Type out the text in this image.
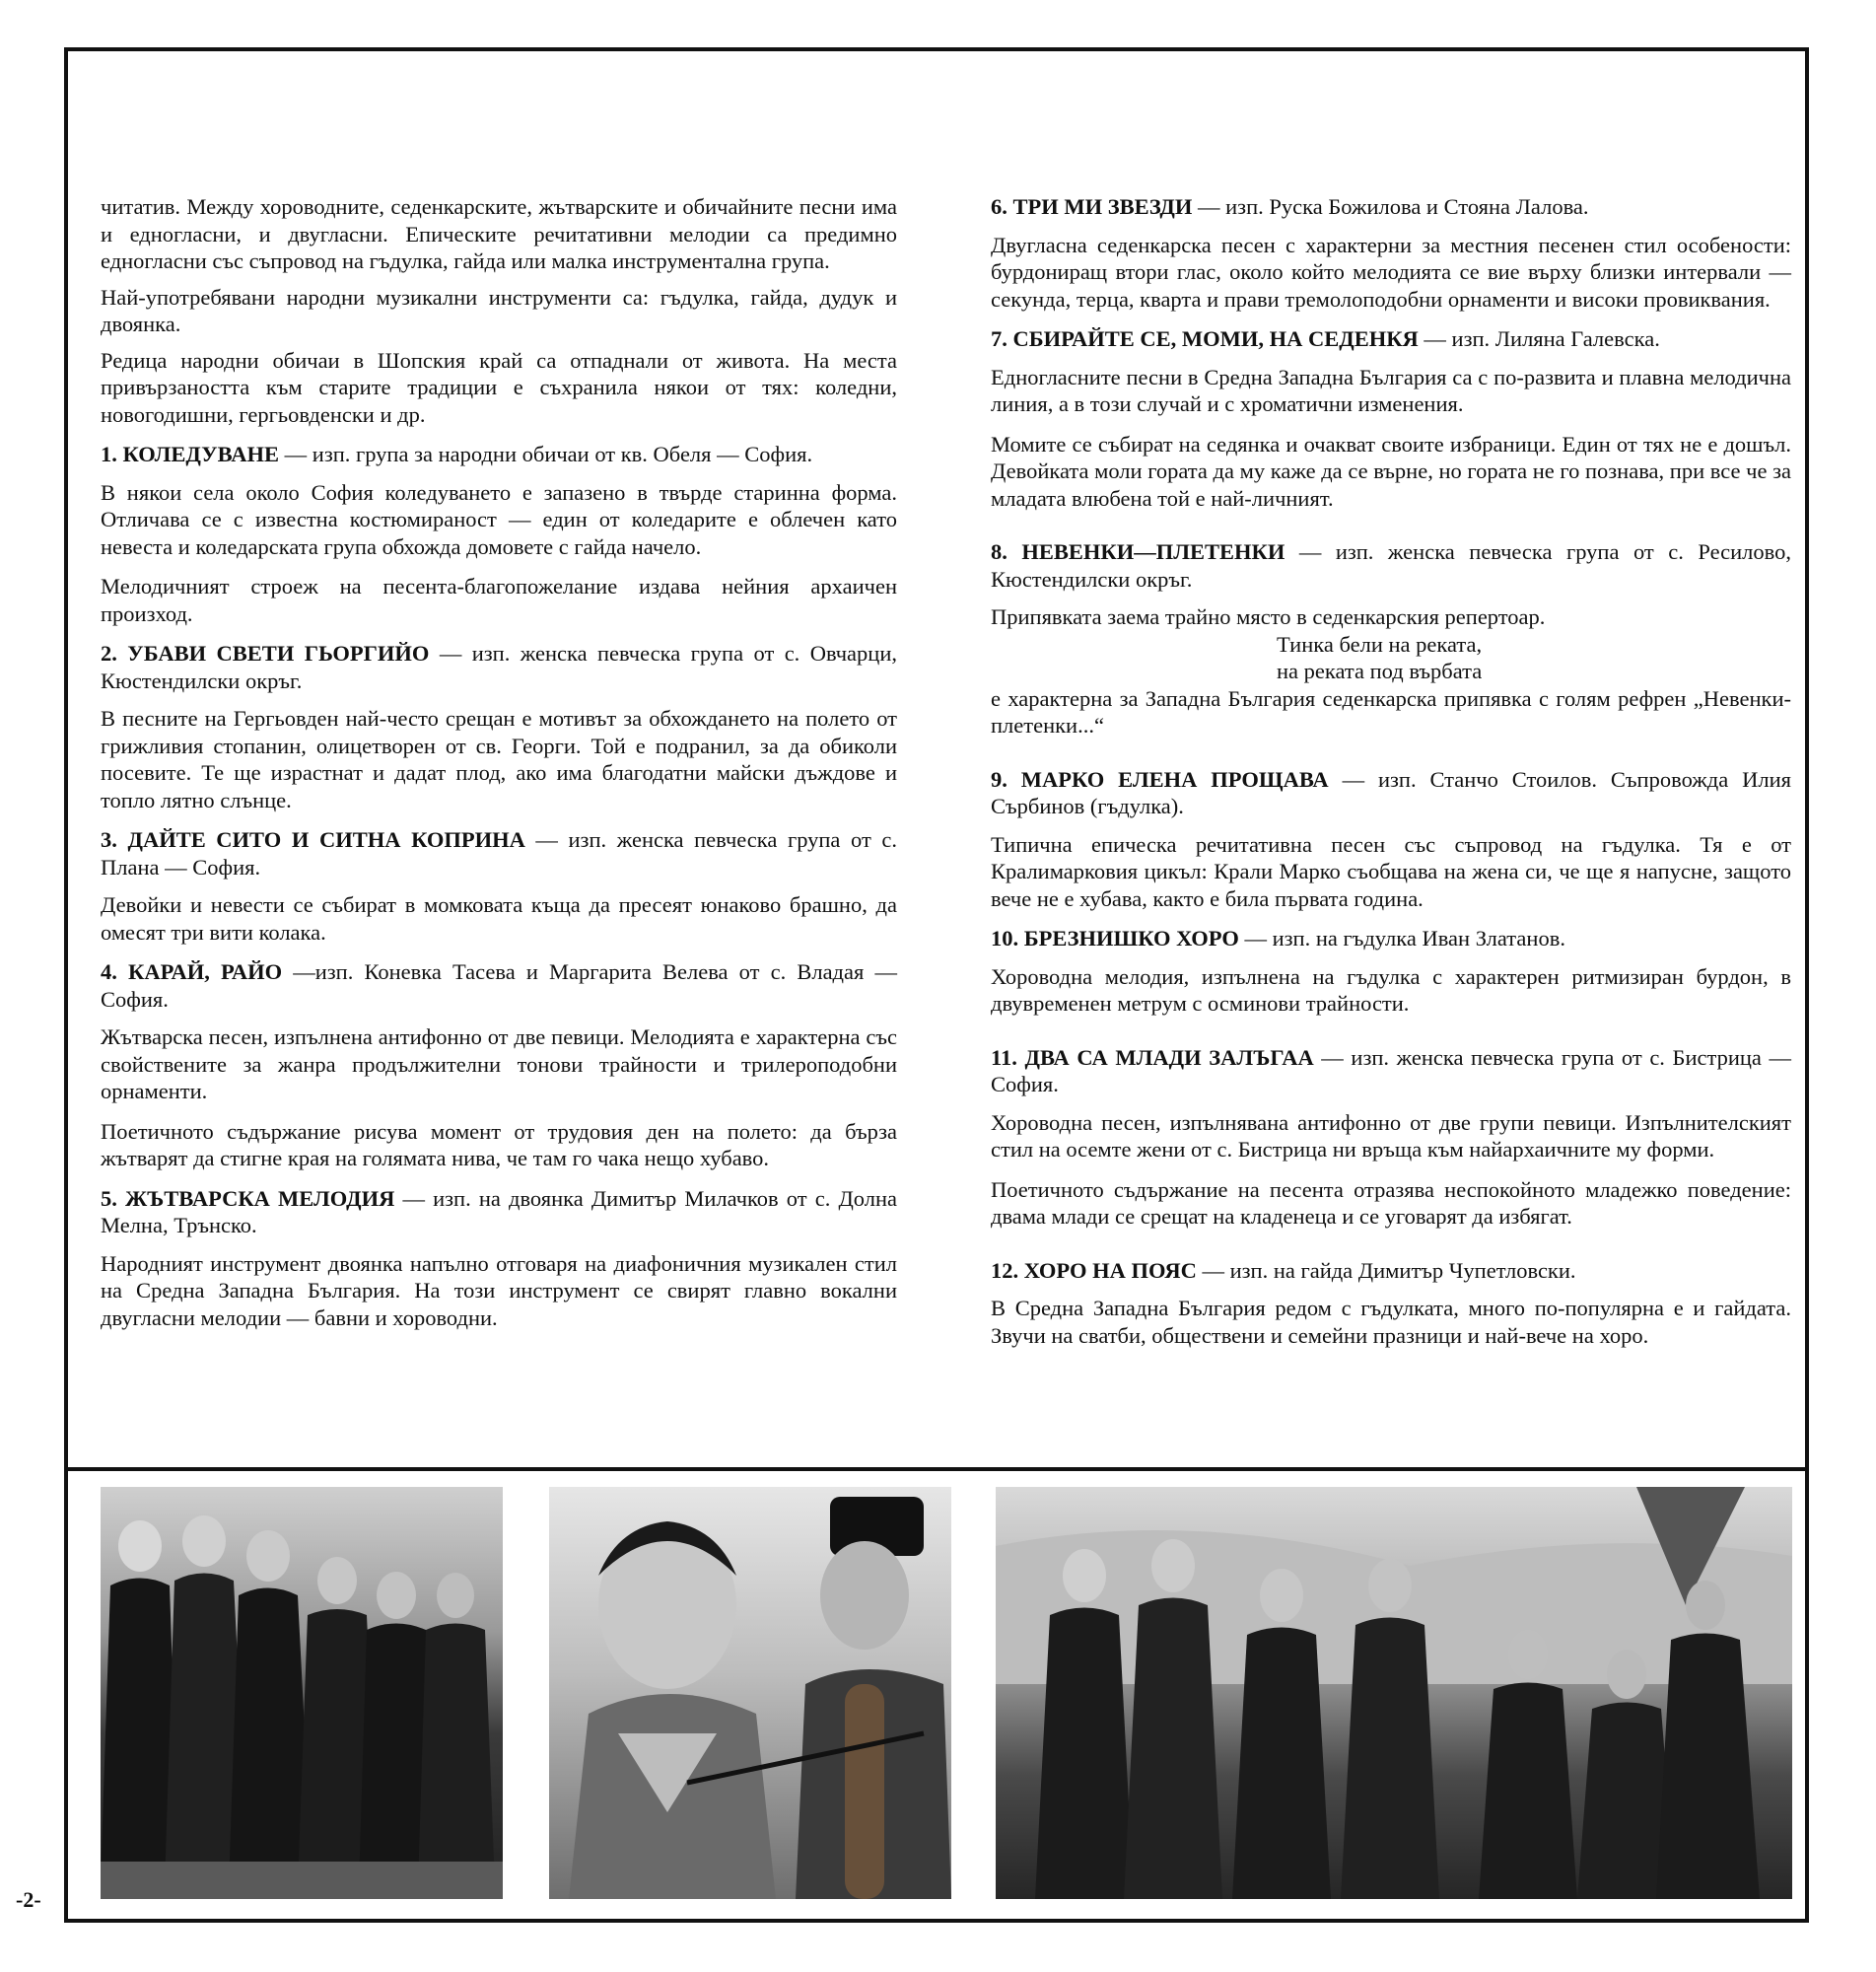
читатив. Между хороводните, седенкарските, жътварските и обичайните песни има и едногласни, и двугласни. Епическите речитативни мелодии са предимно едногласни със съпровод на гъдулка, гайда или малка инструментална група.

Най-употребявани народни музикални инструменти са: гъдулка, гайда, дудук и двоянка.

Редица народни обичаи в Шопския край са отпаднали от живота. На места привързаността към старите традиции е съхранила някои от тях: коледни, новогодишни, гергьовденски и др.

1. КОЛЕДУВАНЕ — изп. група за народни обичаи от кв. Обеля — София.

В някои села около София коледуването е запазено в твърде старинна форма. Отличава се с известна костюмираност — един от коледарите е облечен като невеста и коледарската група обхожда домовете с гайда начело.

Мелодичният строеж на песента-благопожелание издава нейния архаичен произход.

2. УБАВИ СВЕТИ ГЬОРГИЙО — изп. женска певческа група от с. Овчарци, Кюстендилски окръг.

В песните на Гергьовден най-често срещан е мотивът за обхождането на полето от грижливия стопанин, олицетворен от св. Георги. Той е подранил, за да обиколи посевите. Те ще израстнат и дадат плод, ако има благодатни майски дъждове и топло лятно слънце.

3. ДАЙТЕ СИТО И СИТНА КОПРИНА — изп. женска певческа група от с. Плана — София.

Девойки и невести се събират в момковата къща да пресеят юнаково брашно, да омесят три вити колака.

4. КАРАЙ, РАЙО —изп. Коневка Тасева и Маргарита Велева от с. Владая — София.

Жътварска песен, изпълнена антифонно от две певици. Мелодията е характерна със свойствените за жанра продължителни тонови трайности и трилероподобни орнаменти.

Поетичното съдържание рисува момент от трудовия ден на полето: да бърза жътварят да стигне края на голямата нива, че там го чака нещо хубаво.

5. ЖЪТВАРСКА МЕЛОДИЯ — изп. на двоянка Димитър Милачков от с. Долна Мелна, Трънско.

Народният инструмент двоянка напълно отговаря на диафоничния музикален стил на Средна Западна България. На този инструмент се свирят главно вокални двугласни мелодии — бавни и хороводни.

6. ТРИ МИ ЗВЕЗДИ — изп. Руска Божилова и Стояна Лалова.

Двугласна седенкарска песен с характерни за местния песенен стил особености: бурдониращ втори глас, около който мелодията се вие върху близки интервали — секунда, терца, кварта и прави тремолоподобни орнаменти и високи провиквания.

7. СБИРАЙТЕ СЕ, МОМИ, НА СЕДЕНКЯ — изп. Лиляна Галевска.

Едногласните песни в Средна Западна България са с по-развита и плавна мелодична линия, а в този случай и с хроматични изменения.

Момите се събират на седянка и очакват своите избраници. Един от тях не е дошъл. Девойката моли гората да му каже да се върне, но гората не го познава, при все че за младата влюбена той е най-личният.

8. НЕВЕНКИ—ПЛЕТЕНКИ — изп. женска певческа група от с. Ресилово, Кюстендилски окръг.

Припявката заема трайно място в седенкарския репертоар.

Тинка бели на реката,
на реката под върбата

е характерна за Западна България седенкарска припявка с голям рефрен „Невенки-плетенки...“

9. МАРКО ЕЛЕНА ПРОЩАВА — изп. Станчо Стоилов. Съпровожда Илия Сърбинов (гъдулка).

Типична епическа речитативна песен със съпровод на гъдулка. Тя е от Кралимарковия цикъл: Крали Марко съобщава на жена си, че ще я напусне, защото вече не е хубава, както е била първата година.

10. БРЕЗНИШКО ХОРО — изп. на гъдулка Иван Златанов.

Хороводна мелодия, изпълнена на гъдулка с характерен ритмизиран бурдон, в двувременен метрум с осминови трайности.

11. ДВА СА МЛАДИ ЗАЛЪГАА — изп. женска певческа група от с. Бистрица — София.

Хороводна песен, изпълнявана антифонно от две групи певици. Изпълнителският стил на осемте жени от с. Бистрица ни връща към найархаичните му форми.

Поетичното съдържание на песента отразява неспокойното младежко поведение: двама млади се срещат на кладенеца и се уговарят да избягат.

12. ХОРО НА ПОЯС — изп. на гайда Димитър Чупетловски.

В Средна Западна България редом с гъдулката, много по-популярна е и гайдата. Звучи на сватби, обществени и семейни празници и най-вече на хоро.

-2-
